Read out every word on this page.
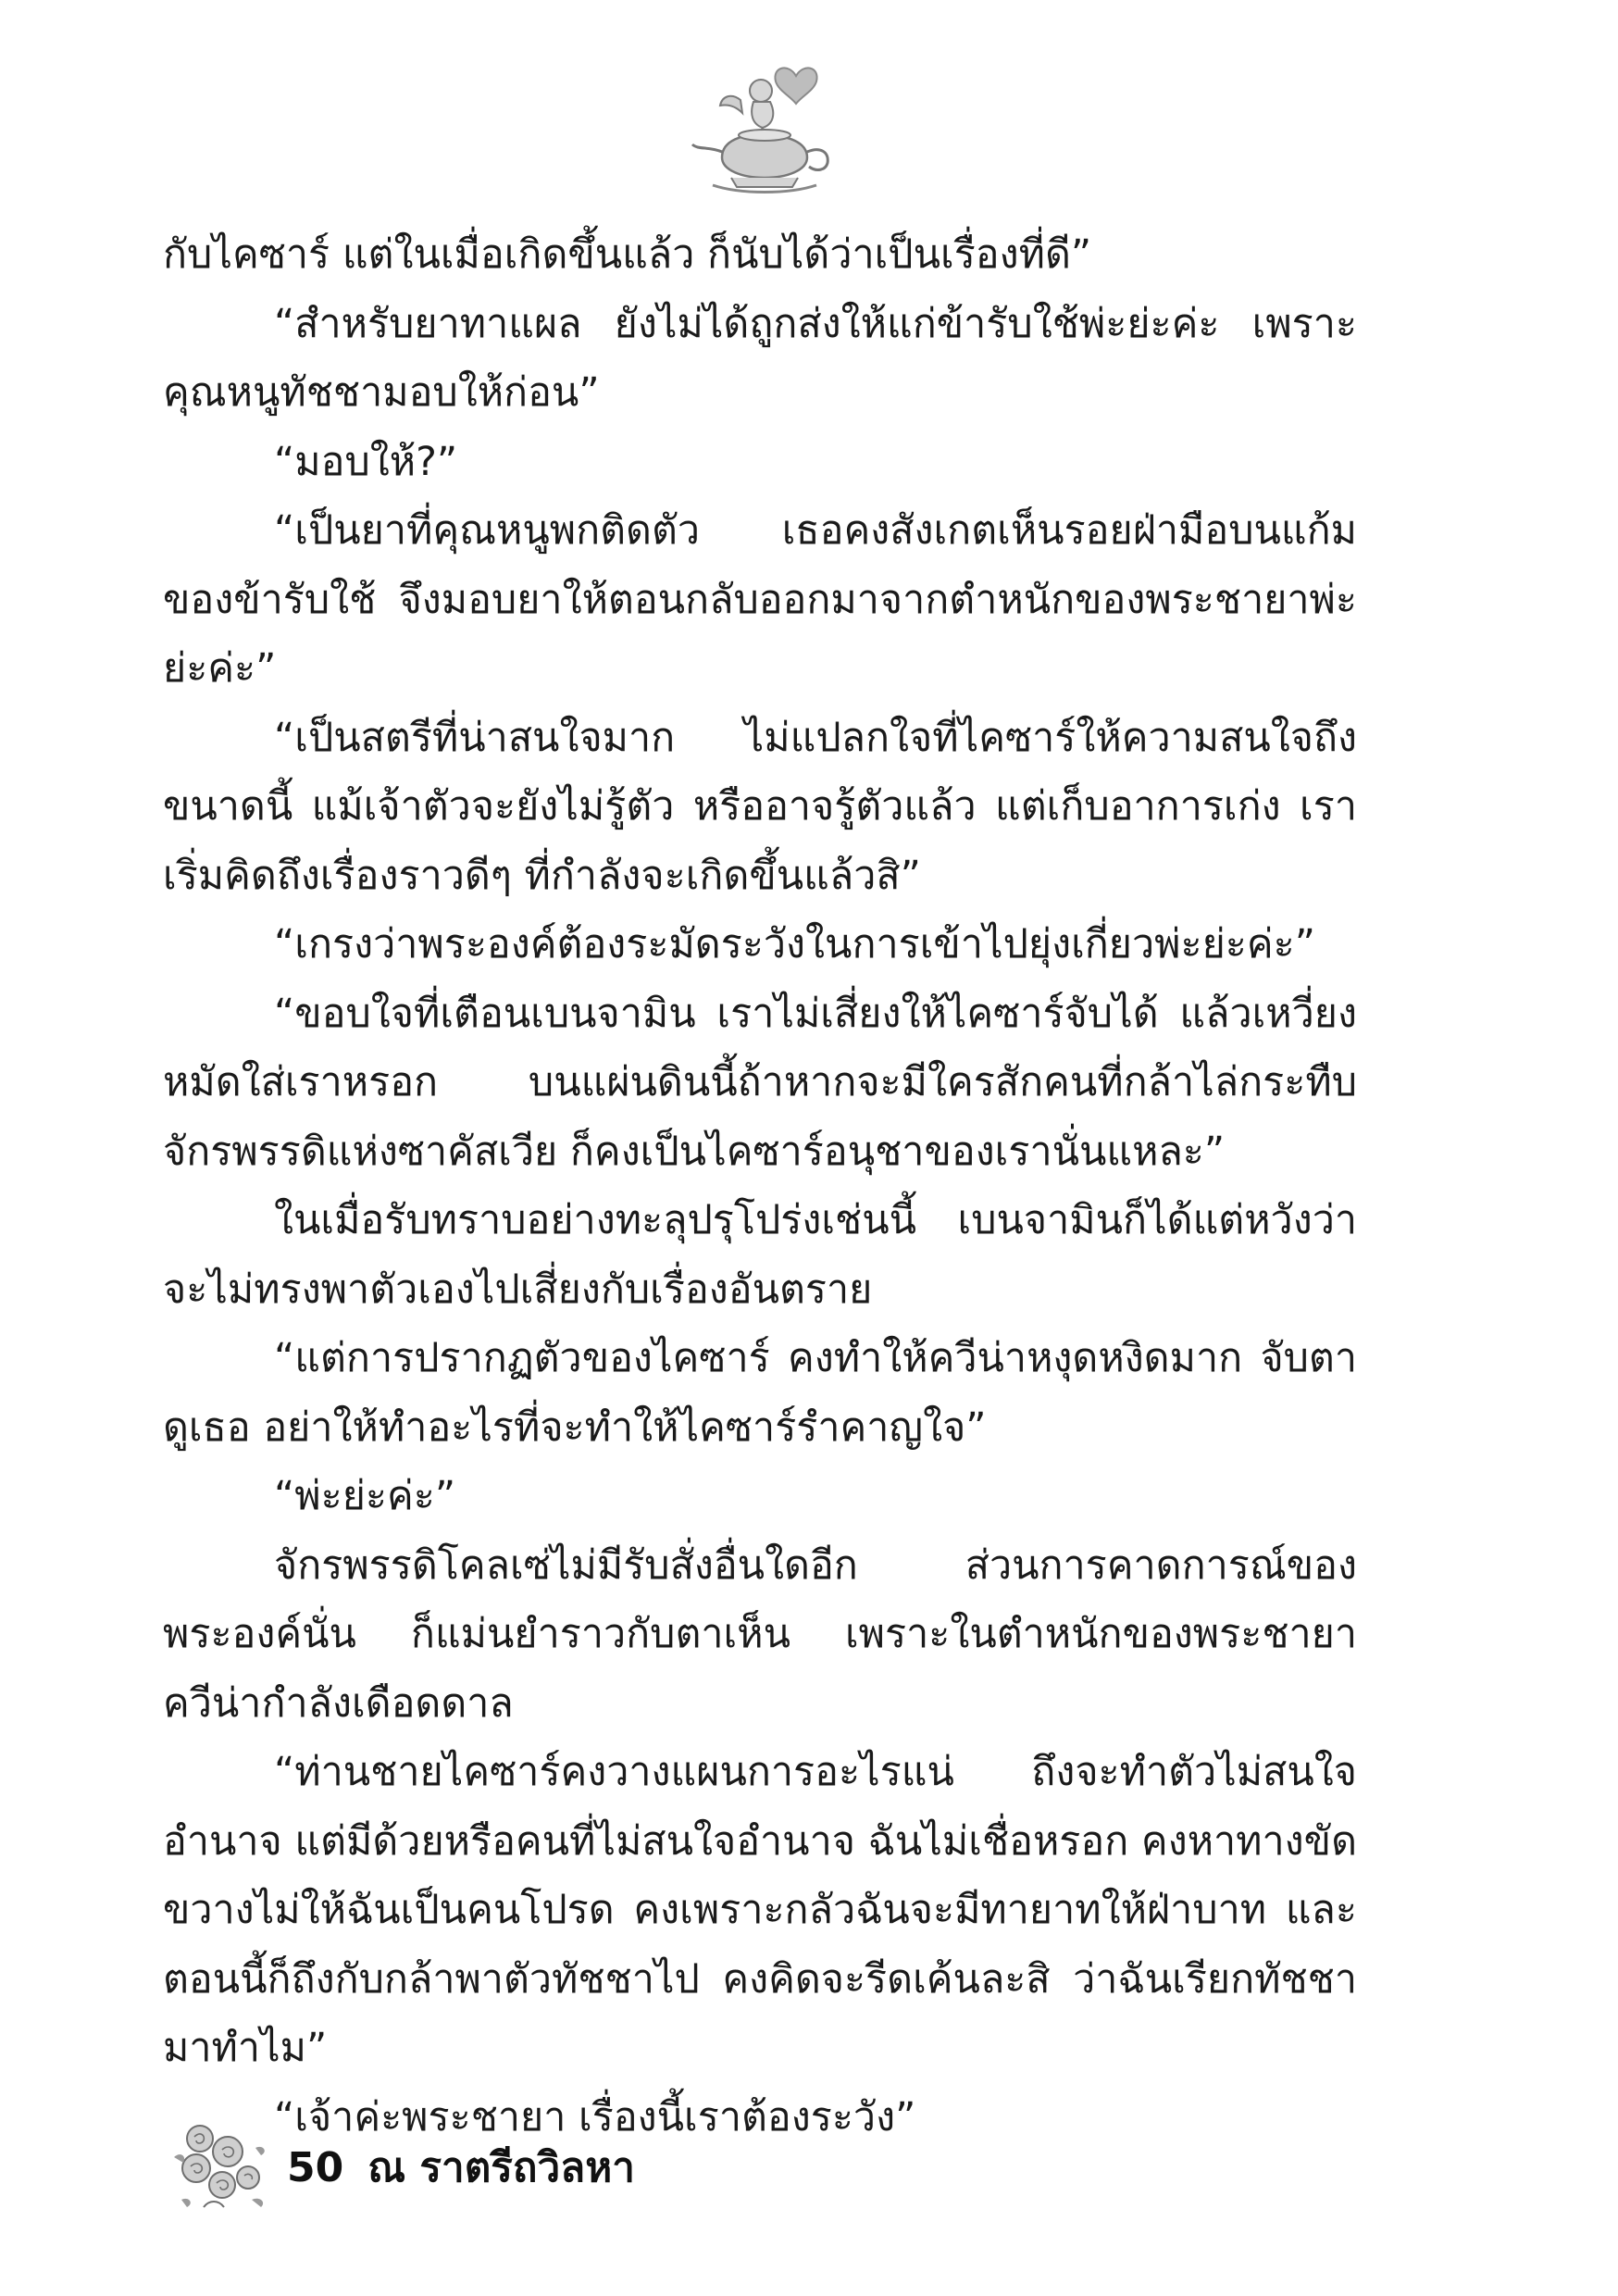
กับไคซาร์ แต่ในเมื่อเกิดขึ้นแล้ว ก็นับได้ว่าเป็นเรื่องที่ดี”

“สำหรับยาทาแผล ยังไม่ได้ถูกส่งให้แก่ข้ารับใช้พ่ะย่ะค่ะ เพราะคุณหนูทัชชามอบให้ก่อน”

“มอบให้?”

“เป็นยาที่คุณหนูพกติดตัว เธอคงสังเกตเห็นรอยฝ่ามือบนแก้มของข้ารับใช้ จึงมอบยาให้ตอนกลับออกมาจากตำหนักของพระชายาพ่ะย่ะค่ะ”

“เป็นสตรีที่น่าสนใจมาก ไม่แปลกใจที่ไคซาร์ให้ความสนใจถึงขนาดนี้ แม้เจ้าตัวจะยังไม่รู้ตัว หรืออาจรู้ตัวแล้ว แต่เก็บอาการเก่ง เราเริ่มคิดถึงเรื่องราวดีๆ ที่กำลังจะเกิดขึ้นแล้วสิ”

“เกรงว่าพระองค์ต้องระมัดระวังในการเข้าไปยุ่งเกี่ยวพ่ะย่ะค่ะ”

“ขอบใจที่เตือนเบนจามิน เราไม่เสี่ยงให้ไคซาร์จับได้ แล้วเหวี่ยงหมัดใส่เราหรอก บนแผ่นดินนี้ถ้าหากจะมีใครสักคนที่กล้าไล่กระทืบจักรพรรดิแห่งซาคัสเวีย ก็คงเป็นไคซาร์อนุชาของเรานั่นแหละ”

ในเมื่อรับทราบอย่างทะลุปรุโปร่งเช่นนี้ เบนจามินก็ได้แต่หวังว่าจะไม่ทรงพาตัวเองไปเสี่ยงกับเรื่องอันตราย

“แต่การปรากฏตัวของไคซาร์ คงทำให้ควีน่าหงุดหงิดมาก จับตาดูเธอ อย่าให้ทำอะไรที่จะทำให้ไคซาร์รำคาญใจ”

“พ่ะย่ะค่ะ”

จักรพรรดิโคลเซ่ไม่มีรับสั่งอื่นใดอีก ส่วนการคาดการณ์ของพระองค์นั่น ก็แม่นยำราวกับตาเห็น เพราะในตำหนักของพระชายา ควีน่ากำลังเดือดดาล

“ท่านชายไคซาร์คงวางแผนการอะไรแน่ ถึงจะทำตัวไม่สนใจอำนาจ แต่มีด้วยหรือคนที่ไม่สนใจอำนาจ ฉันไม่เชื่อหรอก คงหาทางขัดขวางไม่ให้ฉันเป็นคนโปรด คงเพราะกลัวฉันจะมีทายาทให้ฝ่าบาท และตอนนี้ก็ถึงกับกล้าพาตัวทัชชาไป คงคิดจะรีดเค้นละสิ ว่าฉันเรียกทัชชามาทำไม”

“เจ้าค่ะพระชายา เรื่องนี้เราต้องระวัง”

50 ณ ราตรีถวิลหา
